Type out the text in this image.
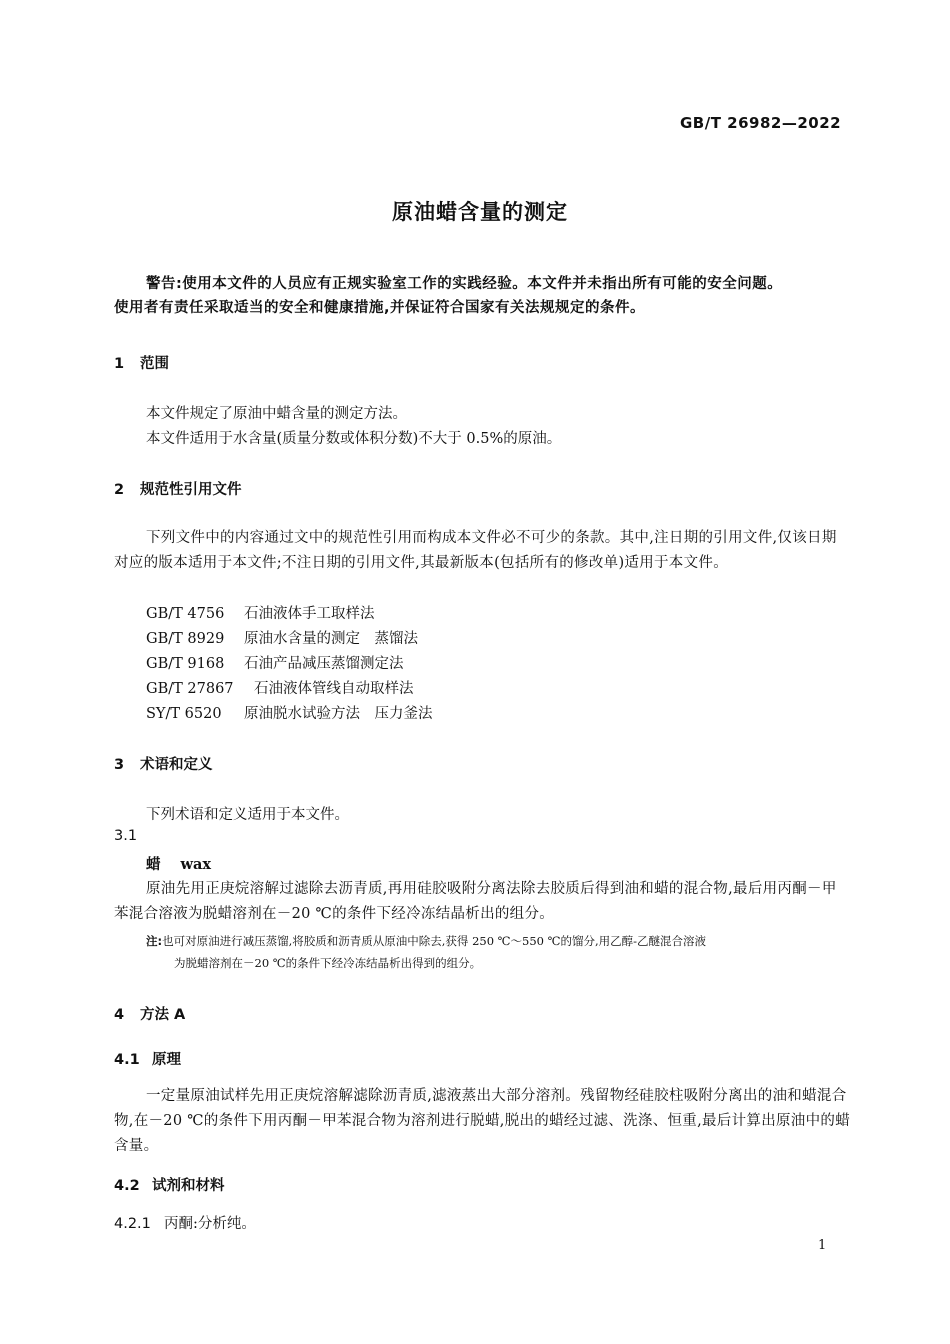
GB/T 26982—2022
原油蜡含量的测定

警告:使用本文件的人员应有正规实验室工作的实践经验。本文件并未指出所有可能的安全问题。

使用者有责任采取适当的安全和健康措施,并保证符合国家有关法规规定的条件。

1 范围
本文件规定了原油中蜡含量的测定方法。
本文件适用于水含量(质量分数或体积分数)不大于 0.5%的原油。
2 规范性引用文件
下列文件中的内容通过文中的规范性引用而构成本文件必不可少的条款。其中,注日期的引用文件,仅该日期对应的版本适用于本文件;不注日期的引用文件,其最新版本(包括所有的修改单)适用于本文件。
GB/T 4756 石油液体手工取样法
GB/T 8929 原油水含量的测定　蒸馏法
GB/T 9168 石油产品减压蒸馏测定法
GB/T 27867 石油液体管线自动取样法
SY/T 6520 原油脱水试验方法　压力釜法
3 术语和定义
下列术语和定义适用于本文件。
3.1
蜡 wax
原油先用正庚烷溶解过滤除去沥青质,再用硅胶吸附分离法除去胶质后得到油和蜡的混合物,最后用丙酮－甲苯混合溶液为脱蜡溶剂在－20 ℃的条件下经冷冻结晶析出的组分。
注:也可对原油进行减压蒸馏,将胶质和沥青质从原油中除去,获得 250 ℃～550 ℃的馏分,用乙醇-乙醚混合溶液
为脱蜡溶剂在－20 ℃的条件下经冷冻结晶析出得到的组分。
4 方法 A
4.1 原理
一定量原油试样先用正庚烷溶解滤除沥青质,滤液蒸出大部分溶剂。残留物经硅胶柱吸附分离出的油和蜡混合物,在－20 ℃的条件下用丙酮－甲苯混合物为溶剂进行脱蜡,脱出的蜡经过滤、洗涤、恒重,最后计算出原油中的蜡含量。
4.2 试剂和材料
4.2.1 丙酮:分析纯。
1
